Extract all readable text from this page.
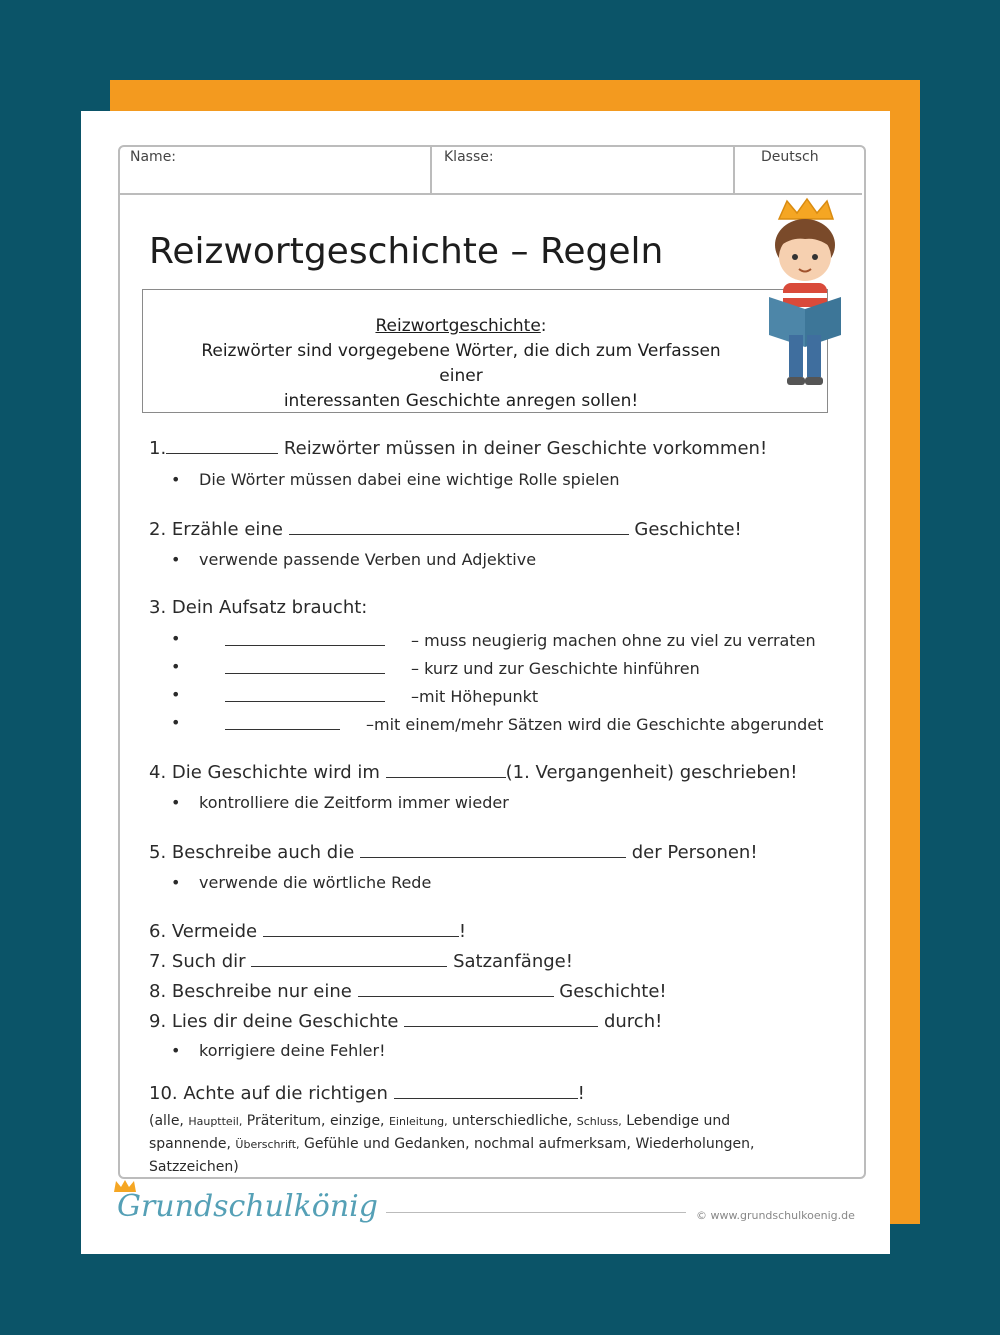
Name:	Klasse:	Deutsch
Reizwortgeschichte – Regeln
Reizwortgeschichte:
Reizwörter sind vorgegebene Wörter, die dich zum Verfassen einer
interessanten Geschichte anregen sollen!
1.	Reizwörter müssen in deiner Geschichte vorkommen!
• Die Wörter müssen dabei eine wichtige Rolle spielen
2. Erzähle eine	Geschichte!
• verwende passende Verben und Adjektive
3. Dein Aufsatz braucht:
• – muss neugierig machen ohne zu viel zu verraten
• – kurz und zur Geschichte hinführen
• –mit Höhepunkt
• –mit einem/mehr Sätzen wird die Geschichte abgerundet
4. Die Geschichte wird im	(1. Vergangenheit) geschrieben!
• kontrolliere die Zeitform immer wieder
5. Beschreibe auch die	der Personen!
• verwende die wörtliche Rede
6. Vermeide	!
7. Such dir	Satzanfänge!
8. Beschreibe nur eine	Geschichte!
9. Lies dir deine Geschichte	durch!
• korrigiere deine Fehler!
10. Achte auf die richtigen	!
(alle, Hauptteil, Präteritum, einzige, Einleitung, unterschiedliche, Schluss, Lebendige und spannende, Überschrift, Gefühle und Gedanken, nochmal aufmerksam, Wiederholungen, Satzzeichen)
Grundschulkönig	© www.grundschulkoenig.de
